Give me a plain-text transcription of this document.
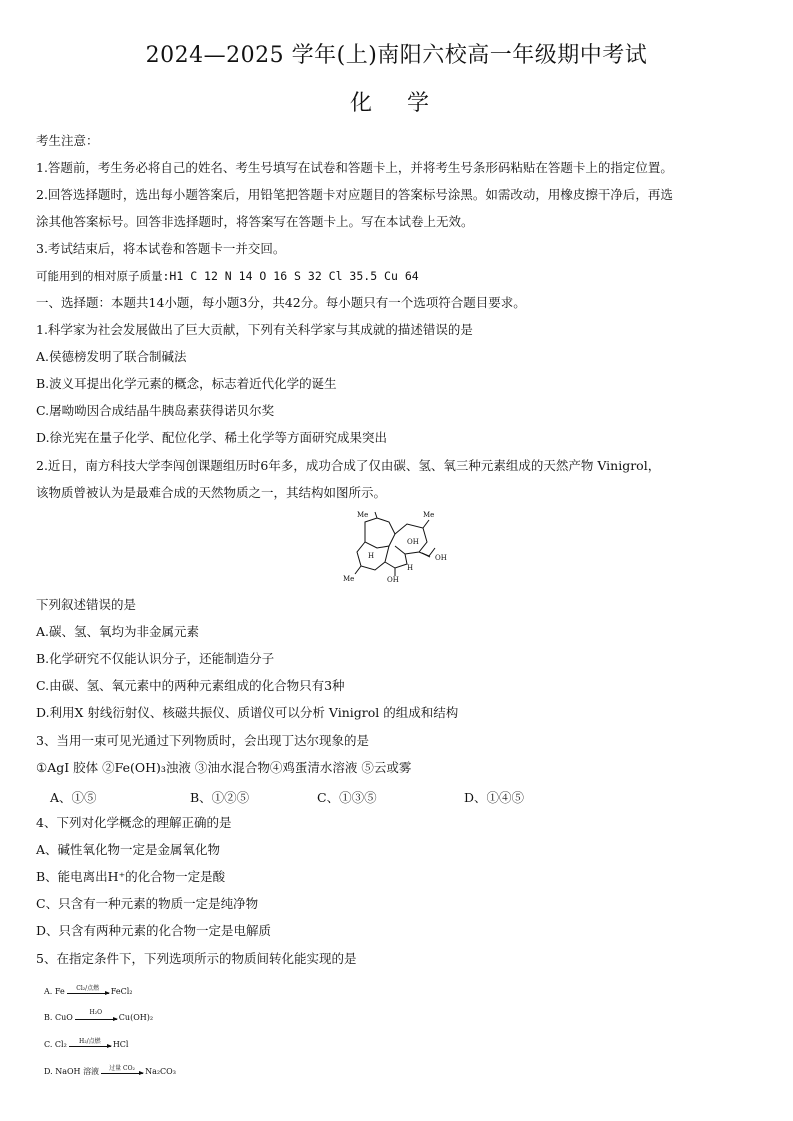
2024—2025 学年(上)南阳六校高一年级期中考试
化 学
考生注意：
1.答题前，考生务必将自己的姓名、考生号填写在试卷和答题卡上，并将考生号条形码粘贴在答题卡上的指定位置。
2.回答选择题时，选出每小题答案后，用铅笔把答题卡对应题目的答案标号涂黑。如需改动，用橡皮擦干净后，再选
涂其他答案标号。回答非选择题时，将答案写在答题卡上。写在本试卷上无效。
3.考试结束后，将本试卷和答题卡一并交回。
可能用到的相对原子质量:H1 C 12 N 14 O 16 S 32 Cl 35.5 Cu 64
一、选择题：本题共14小题，每小题3分，共42分。每小题只有一个选项符合题目要求。
1.科学家为社会发展做出了巨大贡献，下列有关科学家与其成就的描述错误的是
A.侯德榜发明了联合制碱法
B.波义耳提出化学元素的概念，标志着近代化学的诞生
C.屠呦呦因合成结晶牛胰岛素获得诺贝尔奖
D.徐光宪在量子化学、配位化学、稀土化学等方面研究成果突出
2.近日，南方科技大学李闯创课题组历时6年多，成功合成了仅由碳、氢、氧三种元素组成的天然产物 Vinigrol，
该物质曾被认为是最难合成的天然物质之一，其结构如图所示。
Me	Me
Me
OH
OH
OH
H
H
下列叙述错误的是
A.碳、氢、氧均为非金属元素
B.化学研究不仅能认识分子，还能制造分子
C.由碳、氢、氧元素中的两种元素组成的化合物只有3种
D.利用X 射线衍射仪、核磁共振仪、质谱仪可以分析 Vinigrol 的组成和结构
3、当用一束可见光通过下列物质时，会出现丁达尔现象的是
①AgI 胶体 ②Fe(OH)₃浊液 ③油水混合物④鸡蛋清水溶液 ⑤云或雾
A、①⑤	B、①②⑤	C、①③⑤	D、①④⑤
4、下列对化学概念的理解正确的是
A、碱性氧化物一定是金属氧化物
B、能电离出H⁺的化合物一定是酸
C、只含有一种元素的物质一定是纯净物
D、只含有两种元素的化合物一定是电解质
5、在指定条件下，下列选项所示的物质间转化能实现的是
A. Fe	Cl₂/点燃	FeCl₂
B. CuO
H₂O
Cu(OH)₂
C. Cl₂	H₂/点燃	HCl
D. NaOH 溶液	过量 CO₂	Na₂CO₃
